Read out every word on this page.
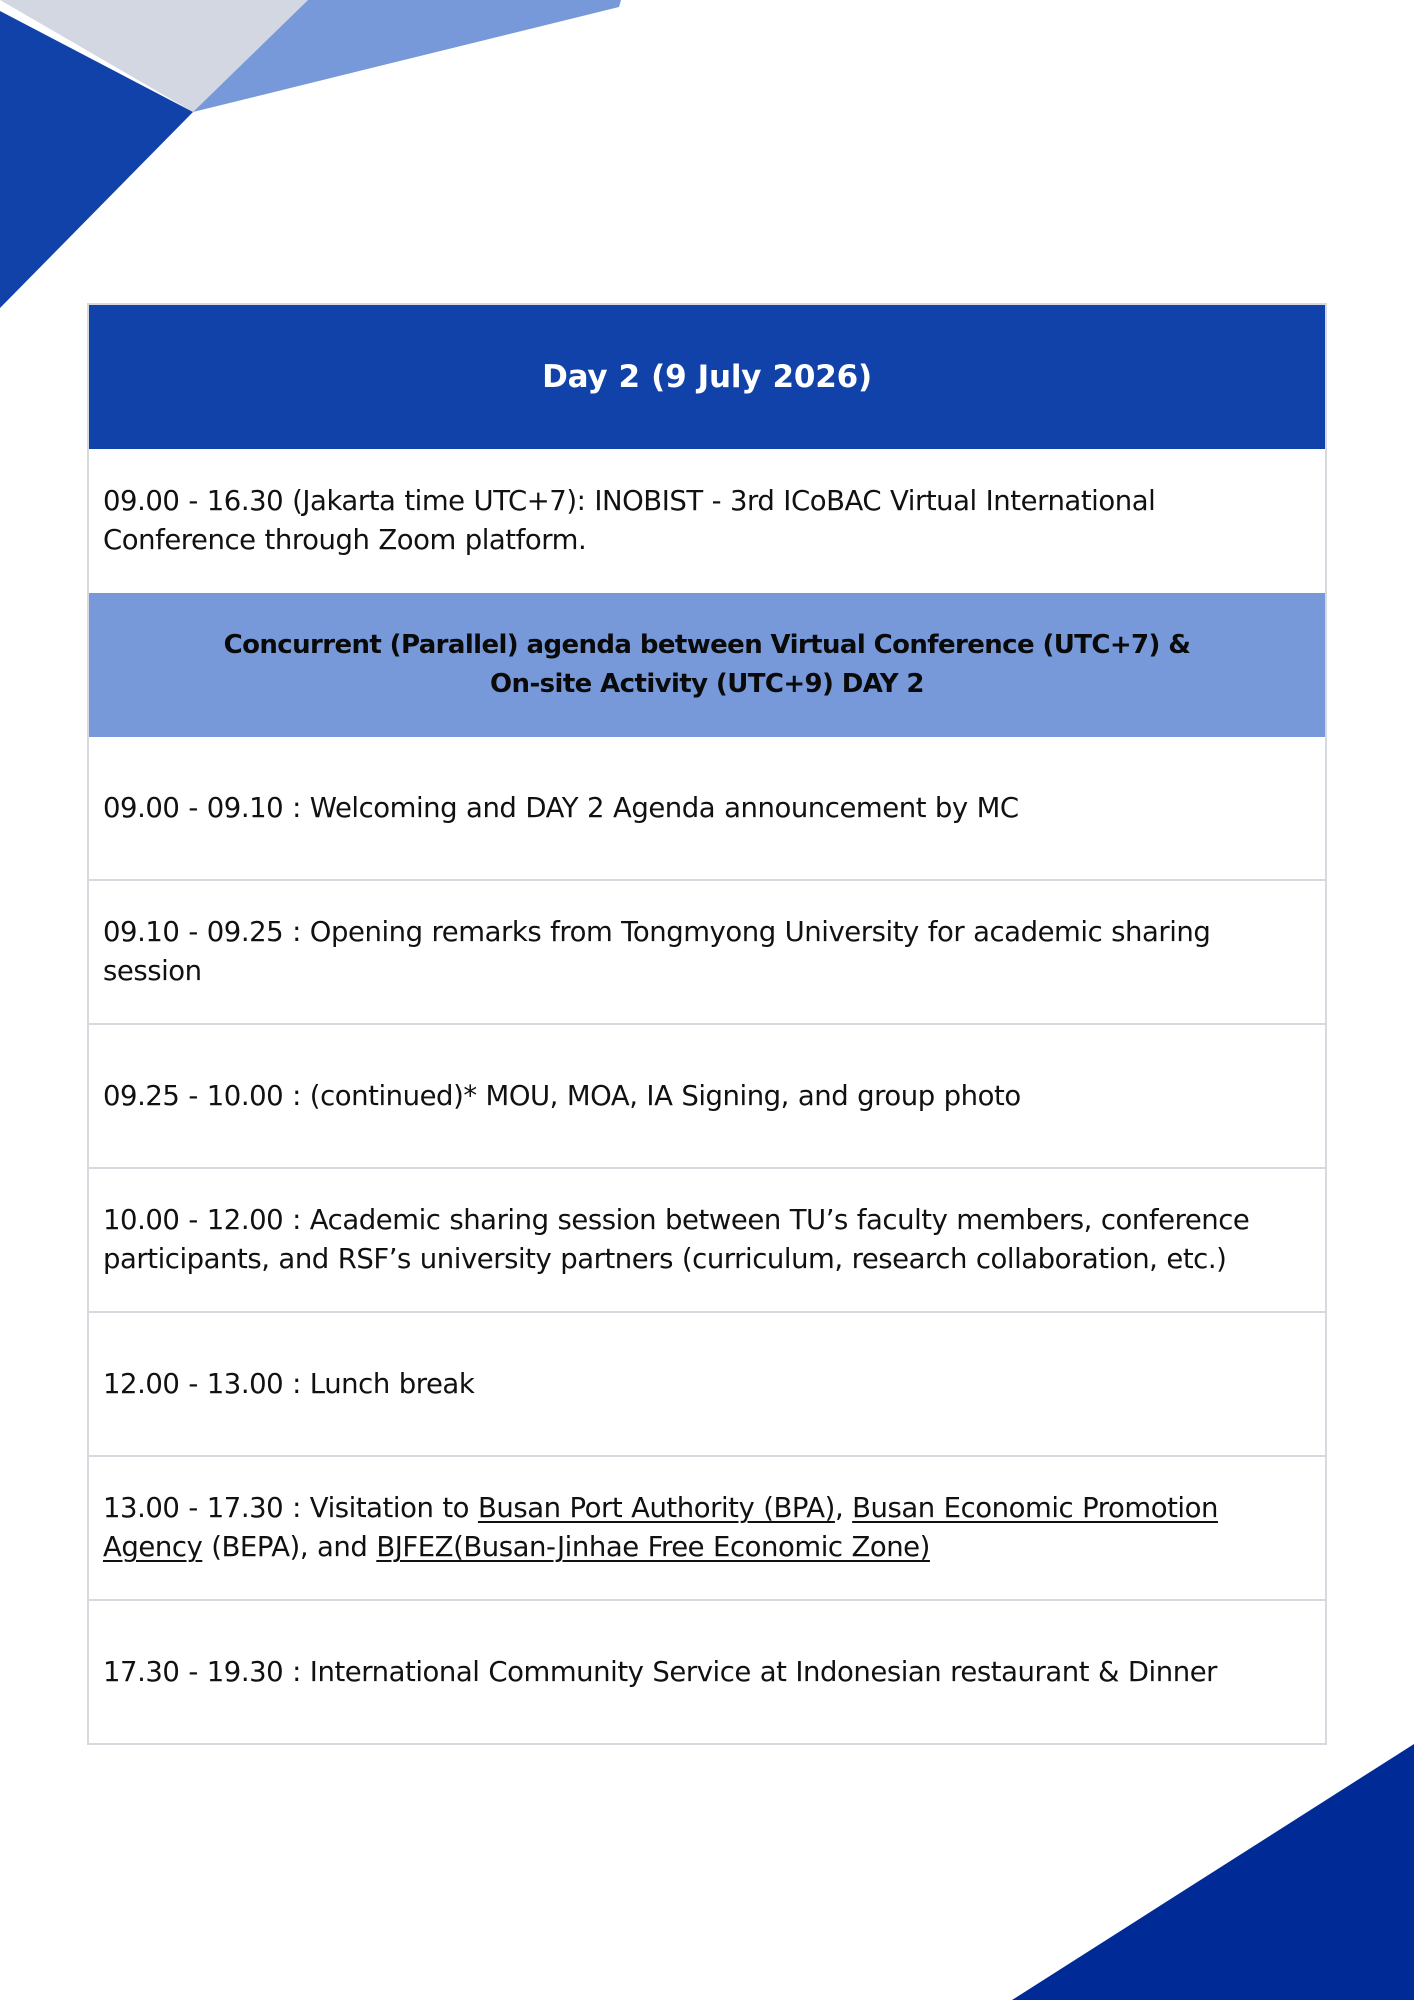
Day 2 (9 July 2026)
09.00 - 16.30 (Jakarta time UTC+7): INOBIST - 3rd ICoBAC Virtual International Conference through Zoom platform.
Concurrent (Parallel) agenda between Virtual Conference (UTC+7) &
On-site Activity (UTC+9) DAY 2
09.00 - 09.10 : Welcoming and DAY 2 Agenda announcement by MC
09.10 - 09.25 : Opening remarks from Tongmyong University for academic sharing session
09.25 - 10.00 : (continued)* MOU, MOA, IA Signing, and group photo
10.00 - 12.00 : Academic sharing session between TU’s faculty members, conference participants, and RSF’s university partners (curriculum, research collaboration, etc.)
12.00 - 13.00 : Lunch break
13.00 - 17.30 : Visitation to Busan Port Authority (BPA), Busan Economic Promotion Agency (BEPA), and BJFEZ(Busan-Jinhae Free Economic Zone)
17.30 - 19.30 : International Community Service at Indonesian restaurant & Dinner
